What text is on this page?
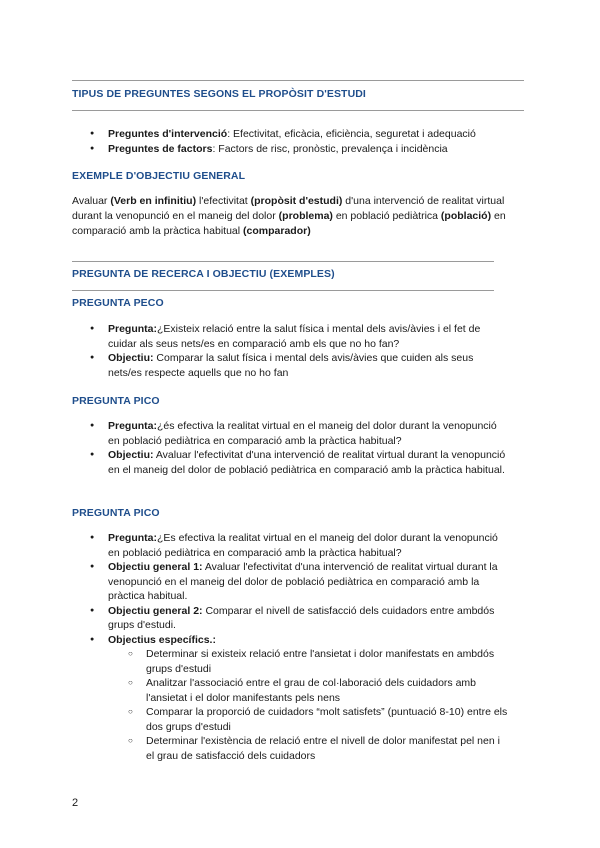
TIPUS DE PREGUNTES SEGONS EL PROPÒSIT D'ESTUDI
● Preguntes d'intervenció: Efectivitat, eficàcia, eficiència, seguretat i adequació
● Preguntes de factors: Factors de risc, pronòstic, prevalença i incidència
EXEMPLE D'OBJECTIU GENERAL
Avaluar (Verb en infinitiu) l'efectivitat (propòsit d'estudi) d'una intervenció de realitat virtual durant la venopunció en el maneig del dolor (problema) en població pediàtrica (població) en comparació amb la pràctica habitual (comparador)
PREGUNTA DE RECERCA I OBJECTIU (EXEMPLES)
PREGUNTA PECO
● Pregunta:¿Existeix relació entre la salut física i mental dels avis/àvies i el fet de cuidar als seus nets/es en comparació amb els que no ho fan?
● Objectiu: Comparar la salut física i mental dels avis/àvies que cuiden als seus nets/es respecte aquells que no ho fan
PREGUNTA PICO
● Pregunta:¿és efectiva la realitat virtual en el maneig del dolor durant la venopunció en població pediàtrica en comparació amb la pràctica habitual?
● Objectiu: Avaluar l'efectivitat d'una intervenció de realitat virtual durant la venopunció en el maneig del dolor de població pediàtrica en comparació amb la pràctica habitual.
PREGUNTA PICO
● Pregunta:¿Es efectiva la realitat virtual en el maneig del dolor durant la venopunció en població pediàtrica en comparació amb la pràctica habitual?
● Objectiu general 1: Avaluar l'efectivitat d'una intervenció de realitat virtual durant la venopunció en el maneig del dolor de població pediàtrica en comparació amb la pràctica habitual.
● Objectiu general 2: Comparar el nivell de satisfacció dels cuidadors entre ambdós grups d'estudi.
● Objectius específics.:
○ Determinar si existeix relació entre l'ansietat i dolor manifestats en ambdós grups d'estudi
○ Analitzar l'associació entre el grau de col·laboració dels cuidadors amb l'ansietat i el dolor manifestants pels nens
○ Comparar la proporció de cuidadors “molt satisfets” (puntuació 8-10) entre els dos grups d'estudi
○ Determinar l'existència de relació entre el nivell de dolor manifestat pel nen i el grau de satisfacció dels cuidadors
2
